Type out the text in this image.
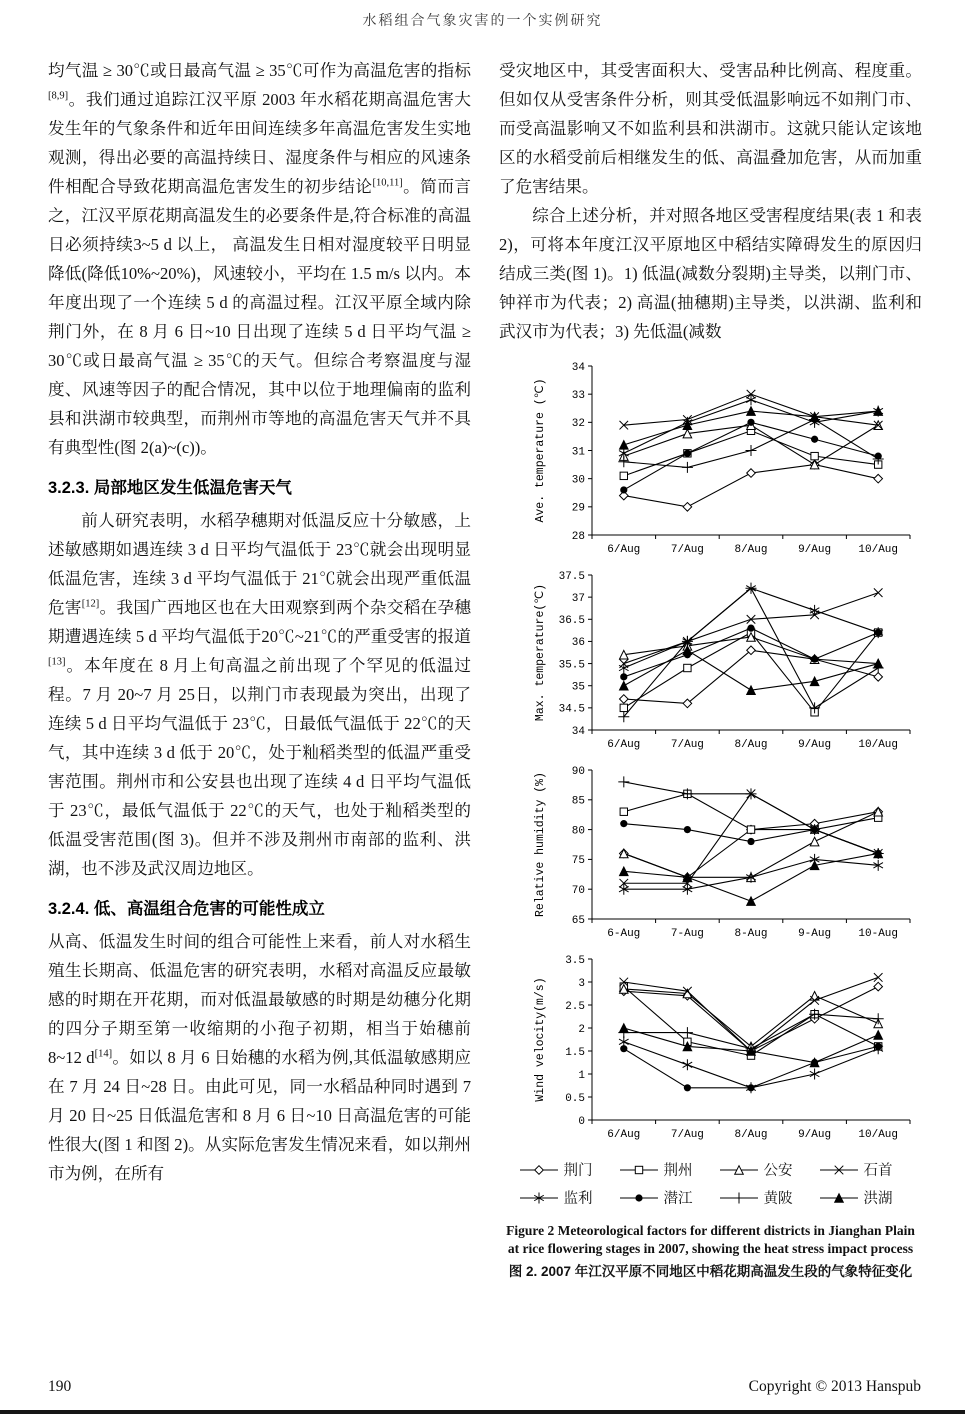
水稻组合气象灾害的一个实例研究

均气温 ≥ 30℃或日最高气温 ≥ 35℃可作为高温危害的指标[8,9]。我们通过追踪江汉平原 2003 年水稻花期高温危害大发生年的气象条件和近年田间连续多年高温危害发生实地观测，得出必要的高温持续日、湿度条件与相应的风速条件相配合导致花期高温危害发生的初步结论[10,11]。简而言之，江汉平原花期高温发生的必要条件是,符合标准的高温日必须持续3~5 d 以上， 高温发生日相对湿度较平日明显降低(降低10%~20%)，风速较小，平均在 1.5 m/s 以内。本年度出现了一个连续 5 d 的高温过程。江汉平原全域内除荆门外，在 8 月 6 日~10 日出现了连续 5 d 日平均气温 ≥ 30℃或日最高气温 ≥ 35℃的天气。但综合考察温度与湿度、风速等因子的配合情况，其中以位于地理偏南的监利县和洪湖市较典型，而荆州市等地的高温危害天气并不具有典型性(图 2(a)~(c))。

3.2.3. 局部地区发生低温危害天气

前人研究表明，水稻孕穗期对低温反应十分敏感，上述敏感期如遇连续 3 d 日平均气温低于 23℃就会出现明显低温危害，连续 3 d 平均气温低于 21℃就会出现严重低温危害[12]。我国广西地区也在大田观察到两个杂交稻在孕穗期遭遇连续 5 d 平均气温低于20℃~21℃的严重受害的报道[13]。本年度在 8 月上旬高温之前出现了个罕见的低温过程。7 月 20~7 月 25日，以荆门市表现最为突出，出现了连续 5 d 日平均气温低于 23℃，日最低气温低于 22℃的天气，其中连续 3 d 低于 20℃，处于籼稻类型的低温严重受害范围。荆州市和公安县也出现了连续 4 d 日平均气温低于 23℃，最低气温低于 22℃的天气，也处于籼稻类型的低温受害范围(图 3)。但并不涉及荆州市南部的监利、洪湖，也不涉及武汉周边地区。

3.2.4. 低、高温组合危害的可能性成立

从高、低温发生时间的组合可能性上来看，前人对水稻生殖生长期高、低温危害的研究表明，水稻对高温反应最敏感的时期在开花期，而对低温最敏感的时期是幼穗分化期的四分子期至第一收缩期的小孢子初期，相当于始穗前 8~12 d[14]。如以 8 月 6 日始穗的水稻为例,其低温敏感期应在 7 月 24 日~28 日。由此可见，同一水稻品种同时遇到 7 月 20 日~25 日低温危害和 8 月 6 日~10 日高温危害的可能性很大(图 1 和图 2)。从实际危害发生情况来看，如以荆州市为例，在所有

受灾地区中，其受害面积大、受害品种比例高、程度重。但如仅从受害条件分析，则其受低温影响远不如荆门市、而受高温影响又不如监利县和洪湖市。这就只能认定该地区的水稻受前后相继发生的低、高温叠加危害，从而加重了危害结果。

综合上述分析，并对照各地区受害程度结果(表 1 和表 2)，可将本年度江汉平原地区中稻结实障碍发生的原因归结成三类(图 1)。1) 低温(减数分裂期)主导类，以荆门市、钟祥市为代表；2) 高温(抽穗期)主导类，以洪湖、监利和武汉市为代表；3) 先低温(减数

28
29
30
31
32
33
34
6/Aug	7/Aug	8/Aug	9/Aug 10/Aug
Ave. temperature (℃)
34
34.5
35
35.5
36
36.5
37
37.5
6/Aug	7/Aug	8/Aug	9/Aug 10/Aug
Max. temperature(℃)
65
70
75
80
85
90
6-Aug	7-Aug	8-Aug	9-Aug 10-Aug
Relative humidity (%)
0
0.5
1
1.5
2
2.5
3
3.5
6/Aug	7/Aug	8/Aug	9/Aug 10/Aug
Wind velocity(m/s)
荆门	荆州	公安	石首
监利	潜江	黄陂	洪湖
Figure 2 Meteorological factors for different districts in Jianghan Plain at rice flowering stages in 2007, showing the heat stress impact process
图 2. 2007 年江汉平原不同地区中稻花期高温发生段的气象特征变化
190	Copyright © 2013 Hanspub
